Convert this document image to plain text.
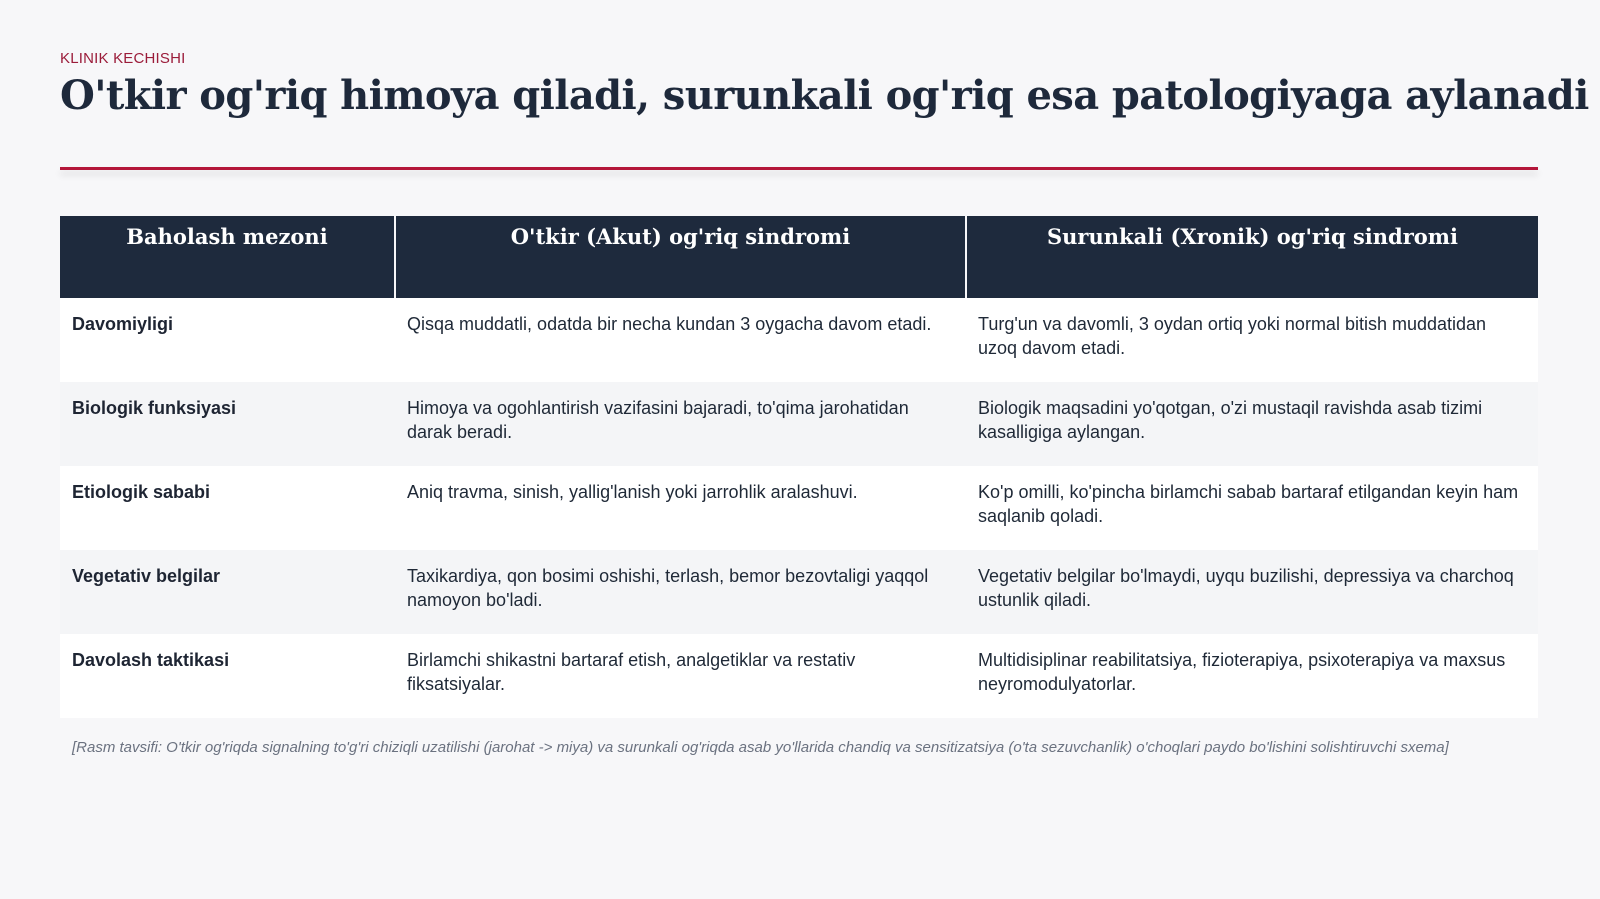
KLINIK KECHISHI
O'tkir og'riq himoya qiladi, surunkali og'riq esa patologiyaga aylanadi
Baholash mezoni	O'tkir (Akut) og'riq sindromi	Surunkali (Xronik) og'riq sindromi
Davomiyligi	Qisqa muddatli, odatda bir necha kundan 3 oygacha davom etadi.	Turg'un va davomli, 3 oydan ortiq yoki normal bitish muddatidan uzoq davom etadi.
Biologik funksiyasi	Himoya va ogohlantirish vazifasini bajaradi, to'qima jarohatidan darak beradi.	Biologik maqsadini yo'qotgan, o'zi mustaqil ravishda asab tizimi kasalligiga aylangan.
Etiologik sababi	Aniq travma, sinish, yallig'lanish yoki jarrohlik aralashuvi.	Ko'p omilli, ko'pincha birlamchi sabab bartaraf etilgandan keyin ham saqlanib qoladi.
Vegetativ belgilar	Taxikardiya, qon bosimi oshishi, terlash, bemor bezovtaligi yaqqol namoyon bo'ladi.	Vegetativ belgilar bo'lmaydi, uyqu buzilishi, depressiya va charchoq ustunlik qiladi.
Davolash taktikasi	Birlamchi shikastni bartaraf etish, analgetiklar va restativ fiksatsiyalar.	Multidisiplinar reabilitatsiya, fizioterapiya, psixoterapiya va maxsus neyromodulyatorlar.
[Rasm tavsifi: O'tkir og'riqda signalning to'g'ri chiziqli uzatilishi (jarohat -> miya) va surunkali og'riqda asab yo'llarida chandiq va sensitizatsiya (o'ta sezuvchanlik) o'choqlari paydo bo'lishini solishtiruvchi sxema]
